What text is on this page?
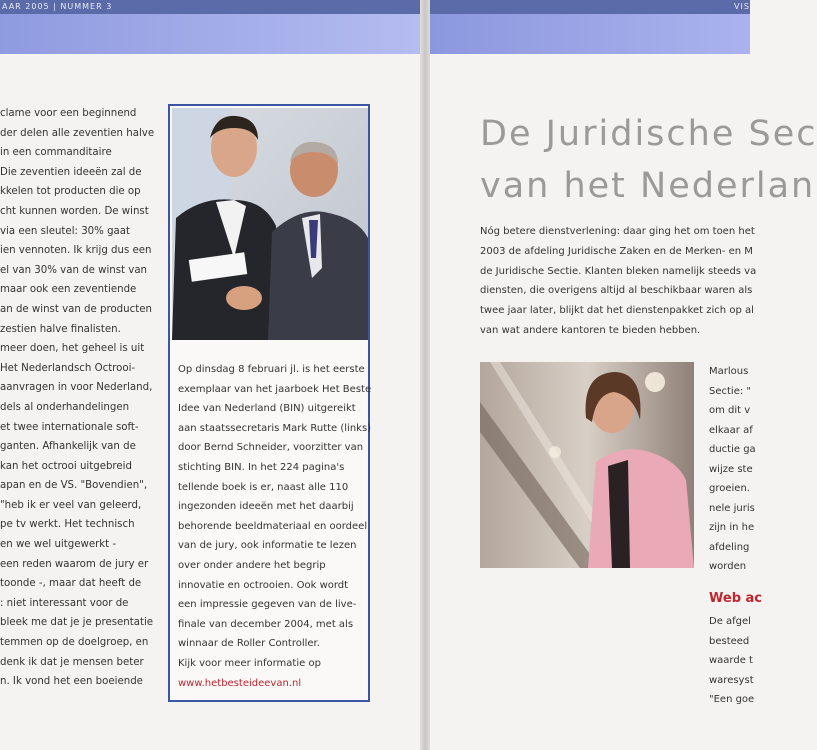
AAR 2005 | NUMMER 3	VIS
clame voor een beginnend
der delen alle zeventien halve
in een commanditaire
Die zeventien ideeën zal de
kkelen tot producten die op
cht kunnen worden. De winst
via een sleutel: 30% gaat
ien vennoten. Ik krijg dus een
el van 30% van de winst van
maar ook een zeventiende
an de winst van de producten
zestien halve finalisten.
meer doen, het geheel is uit
Het Nederlandsch Octrooi-
aanvragen in voor Nederland,
dels al onderhandelingen
et twee internationale soft-
ganten. Afhankelijk van de
kan het octrooi uitgebreid
apan en de VS. "Bovendien",
"heb ik er veel van geleerd,
pe tv werkt. Het technisch
en we wel uitgewerkt -
een reden waarom de jury er
toonde -, maar dat heeft de
: niet interessant voor de
bleek me dat je je presentatie
temmen op de doelgroep, en
denk ik dat je mensen beter
n. Ik vond het een boeiende
Op dinsdag 8 februari jl. is het eerste
exemplaar van het jaarboek Het Beste
Idee van Nederland (BIN) uitgereikt
aan staatssecretaris Mark Rutte (links)
door Bernd Schneider, voorzitter van
stichting BIN. In het 224 pagina's
tellende boek is er, naast alle 110
ingezonden ideeën met het daarbij
behorende beeldmateriaal en oordeel
van de jury, ook informatie te lezen
over onder andere het begrip
innovatie en octrooien. Ook wordt
een impressie gegeven van de live-
finale van december 2004, met als
winnaar de Roller Controller.
Kijk voor meer informatie op
www.hetbesteideevan.nl
De Juridische Sec
van het Nederlan
Nóg betere dienstverlening: daar ging het om toen het
2003 de afdeling Juridische Zaken en de Merken- en M
de Juridische Sectie. Klanten bleken namelijk steeds va
diensten, die overigens altijd al beschikbaar waren als
twee jaar later, blijkt dat het dienstenpakket zich op al
van wat andere kantoren te bieden hebben.
Marlous
Sectie: "
om dit v
elkaar af
ductie ga
wijze ste
groeien.
nele juris
zijn in he
afdeling
worden
Web ac
De afgel
besteed
waarde t
waresyst
"Een goe
